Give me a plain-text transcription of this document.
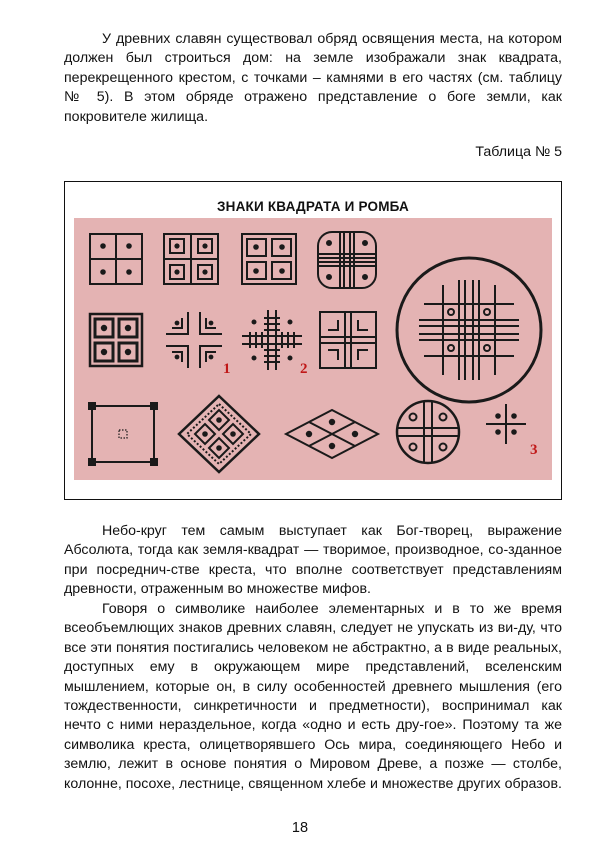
У древних славян существовал обряд освящения места, на котором должен был строиться дом: на земле изображали знак квадрата, перекрещенного крестом, с точками – камнями в его частях (см. таблицу № 5). В этом обряде отражено представление о боге земли, как покровителе жилища.

Таблица № 5
ЗНАКИ КВАДРАТА И РОМБА
1	2
3

Небо-круг тем самым выступает как Бог-творец, выражение Абсолюта, тогда как земля-квадрат — творимое, производное, со-зданное при посреднич-стве креста, что вполне соответствует представлениям древности, отраженным во множестве мифов.

Говоря о символике наиболее элементарных и в то же время всеобъемлющих знаков древних славян, следует не упускать из ви-ду, что все эти понятия постигались человеком не абстрактно, а в виде реальных, доступных ему в окружающем мире представлений, вселенским мышлением, которые он, в силу особенностей древнего мышления (его тождественности, синкретичности и предметности), воспринимал как нечто с ними нераздельное, когда «одно и есть дру-гое». Поэтому та же символика креста, олицетворявшего Ось мира, соединяющего Небо и землю, лежит в основе понятия о Мировом Древе, а позже — столбе, колонне, посохе, лестнице, священном хлебе и множестве других образов.

18
